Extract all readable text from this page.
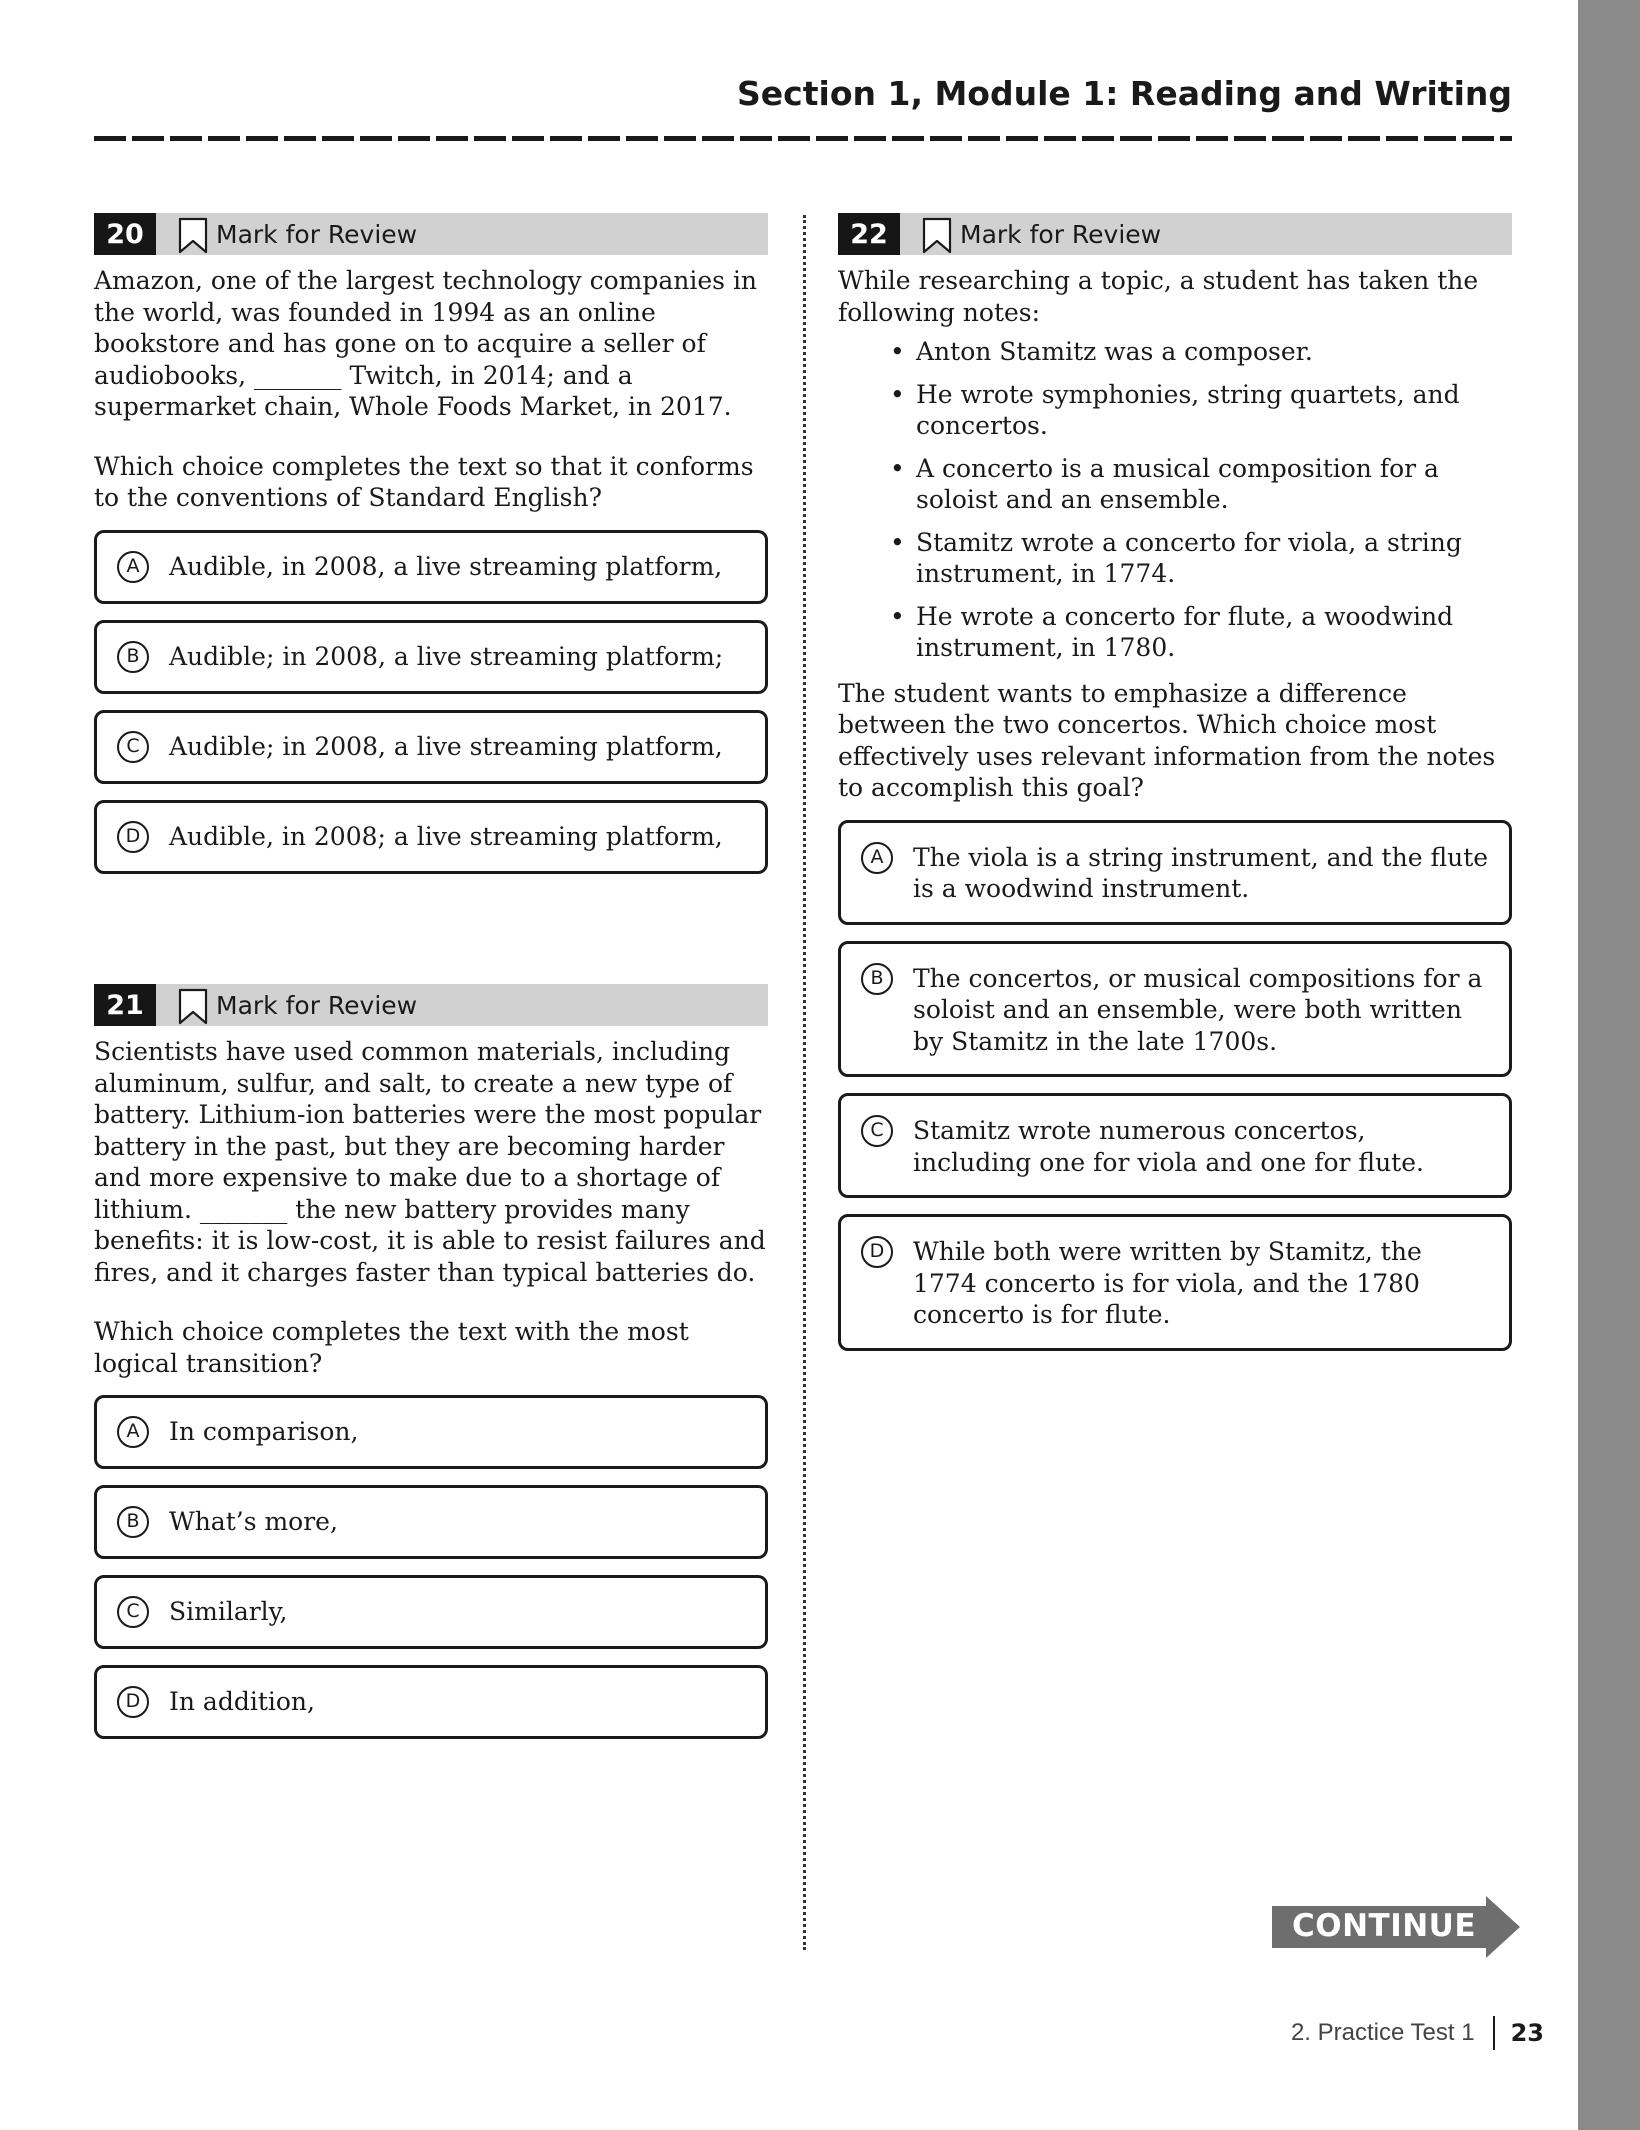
Section 1, Module 1: Reading and Writing
20	Mark for Review

Amazon, one of the largest technology companies in the world, was founded in 1994 as an online bookstore and has gone on to acquire a seller of audiobooks, _______ Twitch, in 2014; and a supermarket chain, Whole Foods Market, in 2017.

Which choice completes the text so that it conforms to the conventions of Standard English?
A	Audible, in 2008, a live streaming platform,
B	Audible; in 2008, a live streaming platform;
C	Audible; in 2008, a live streaming platform,
D	Audible, in 2008; a live streaming platform,
21	Mark for Review

Scientists have used common materials, including aluminum, sulfur, and salt, to create a new type of battery. Lithium-ion batteries were the most popular battery in the past, but they are becoming harder and more expensive to make due to a shortage of lithium. _______ the new battery provides many benefits: it is low-cost, it is able to resist failures and fires, and it charges faster than typical batteries do.

Which choice completes the text with the most logical transition?
A	In comparison,
B	What’s more,
C	Similarly,
D	In addition,
22	Mark for Review

While researching a topic, a student has taken the following notes:

• Anton Stamitz was a composer.
• He wrote symphonies, string quartets, and concertos.
• A concerto is a musical composition for a soloist and an ensemble.
• Stamitz wrote a concerto for viola, a string instrument, in 1774.
• He wrote a concerto for flute, a woodwind instrument, in 1780.
The student wants to emphasize a difference between the two concertos. Which choice most effectively uses relevant information from the notes to accomplish this goal?
A	The viola is a string instrument, and the flute is a woodwind instrument.
B	The concertos, or musical compositions for a soloist and an ensemble, were both written by Stamitz in the late 1700s.
C	Stamitz wrote numerous concertos, including one for viola and one for flute.
D	While both were written by Stamitz, the 1774 concerto is for viola, and the 1780 concerto is for flute.
CONTINUE
2. Practice Test 1 23
